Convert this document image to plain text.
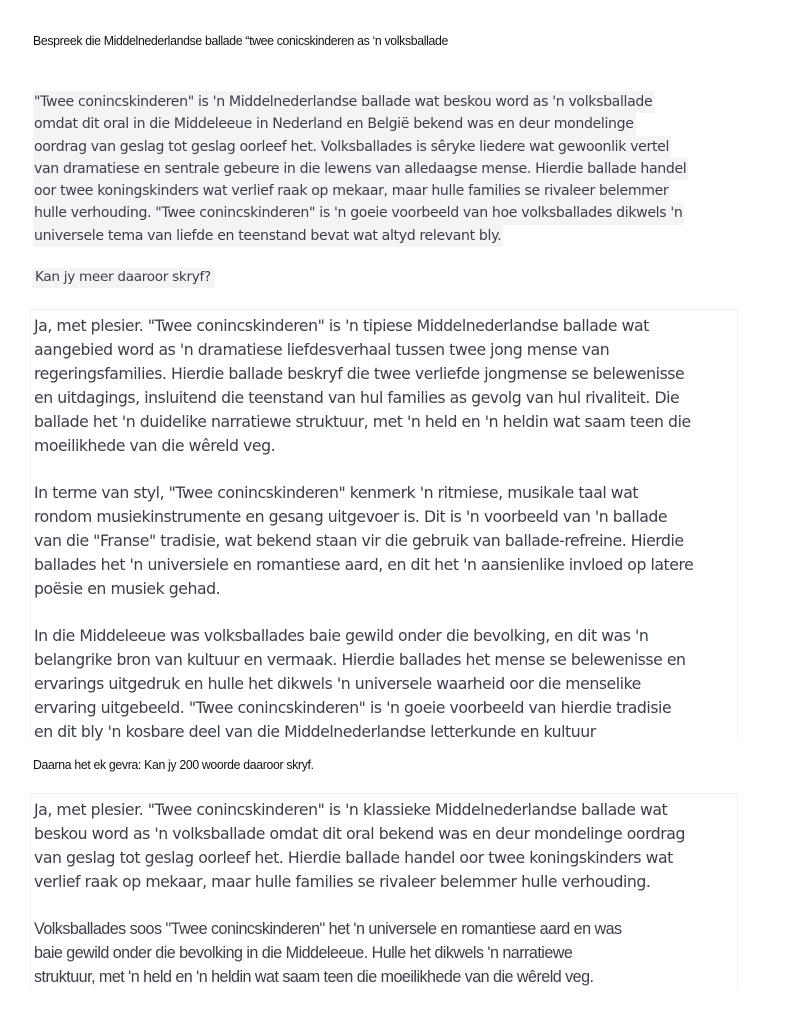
Bespreek die Middelnederlandse ballade “twee conicskinderen as ‘n volksballade
"Twee conincskinderen" is 'n Middelnederlandse ballade wat beskou word as 'n volksballade
omdat dit oral in die Middeleeue in Nederland en België bekend was en deur mondelinge
oordrag van geslag tot geslag oorleef het. Volksballades is sêryke liedere wat gewoonlik vertel
van dramatiese en sentrale gebeure in die lewens van alledaagse mense. Hierdie ballade handel
oor twee koningskinders wat verlief raak op mekaar, maar hulle families se rivaleer belemmer
hulle verhouding. "Twee conincskinderen" is 'n goeie voorbeeld van hoe volksballades dikwels 'n
universele tema van liefde en teenstand bevat wat altyd relevant bly.
Kan jy meer daaroor skryf?
Ja, met plesier. "Twee conincskinderen" is 'n tipiese Middelnederlandse ballade wat
aangebied word as 'n dramatiese liefdesverhaal tussen twee jong mense van
regeringsfamilies. Hierdie ballade beskryf die twee verliefde jongmense se belewenisse
en uitdagings, insluitend die teenstand van hul families as gevolg van hul rivaliteit. Die
ballade het 'n duidelike narratiewe struktuur, met 'n held en 'n heldin wat saam teen die
moeilikhede van die wêreld veg.
In terme van styl, "Twee conincskinderen" kenmerk 'n ritmiese, musikale taal wat
rondom musiekinstrumente en gesang uitgevoer is. Dit is 'n voorbeeld van 'n ballade
van die "Franse" tradisie, wat bekend staan vir die gebruik van ballade-refreine. Hierdie
ballades het 'n universiele en romantiese aard, en dit het 'n aansienlike invloed op latere
poësie en musiek gehad.
In die Middeleeue was volksballades baie gewild onder die bevolking, en dit was 'n
belangrike bron van kultuur en vermaak. Hierdie ballades het mense se belewenisse en
ervarings uitgedruk en hulle het dikwels 'n universele waarheid oor die menselike
ervaring uitgebeeld. "Twee conincskinderen" is 'n goeie voorbeeld van hierdie tradisie
en dit bly 'n kosbare deel van die Middelnederlandse letterkunde en kultuur
Daarna het ek gevra: Kan jy 200 woorde daaroor skryf.
Ja, met plesier. "Twee conincskinderen" is 'n klassieke Middelnederlandse ballade wat
beskou word as 'n volksballade omdat dit oral bekend was en deur mondelinge oordrag
van geslag tot geslag oorleef het. Hierdie ballade handel oor twee koningskinders wat
verlief raak op mekaar, maar hulle families se rivaleer belemmer hulle verhouding.
Volksballades soos "Twee conincskinderen" het 'n universele en romantiese aard en was
baie gewild onder die bevolking in die Middeleeue. Hulle het dikwels 'n narratiewe
struktuur, met 'n held en 'n heldin wat saam teen die moeilikhede van die wêreld veg.
